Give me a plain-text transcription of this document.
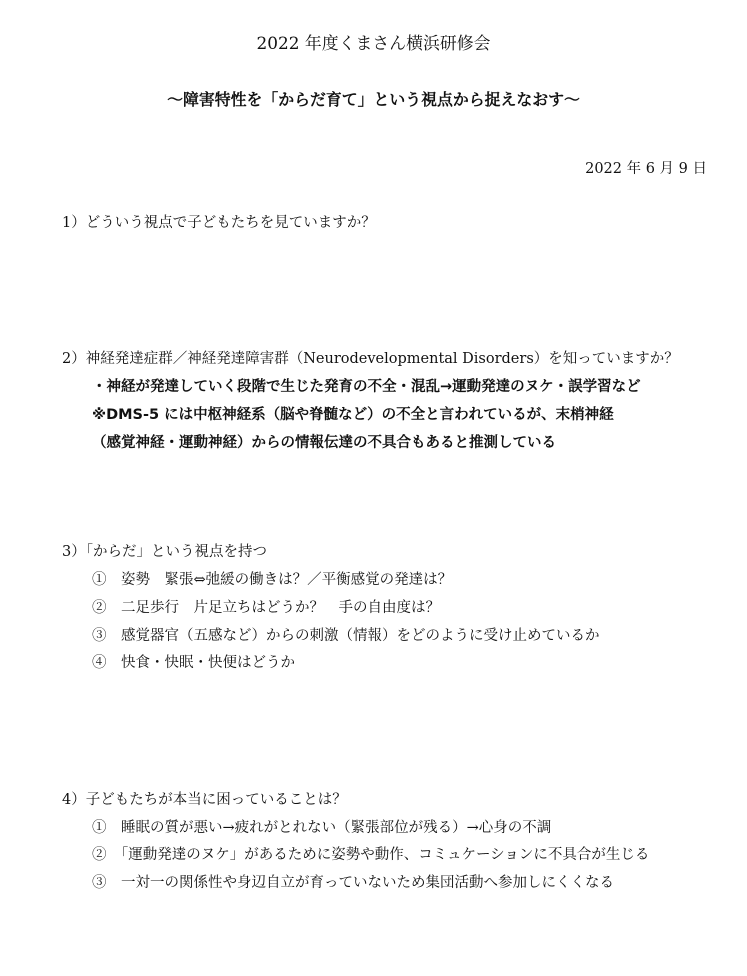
2022 年度くまさん横浜研修会
〜障害特性を「からだ育て」という視点から捉えなおす〜
2022 年 6 月 9 日
1）どういう視点で子どもたちを見ていますか？
2）神経発達症群／神経発達障害群（Neurodevelopmental Disorders）を知っていますか？
・神経が発達していく段階で生じた発育の不全・混乱→運動発達のヌケ・誤学習など
※DMS-5 には中枢神経系（脳や脊髄など）の不全と言われているが、末梢神経
（感覚神経・運動神経）からの情報伝達の不具合もあると推測している
3）「からだ」という視点を持つ
①　姿勢　緊張⇔弛緩の働きは？／平衡感覚の発達は？
②　二足歩行　片足立ちはどうか？　手の自由度は？
③　感覚器官（五感など）からの刺激（情報）をどのように受け止めているか
④　快食・快眠・快便はどうか
4）子どもたちが本当に困っていることは？
①　睡眠の質が悪い→疲れがとれない（緊張部位が残る）→心身の不調
②　「運動発達のヌケ」があるために姿勢や動作、コミュケーションに不具合が生じる
③　一対一の関係性や身辺自立が育っていないため集団活動へ参加しにくくなる
